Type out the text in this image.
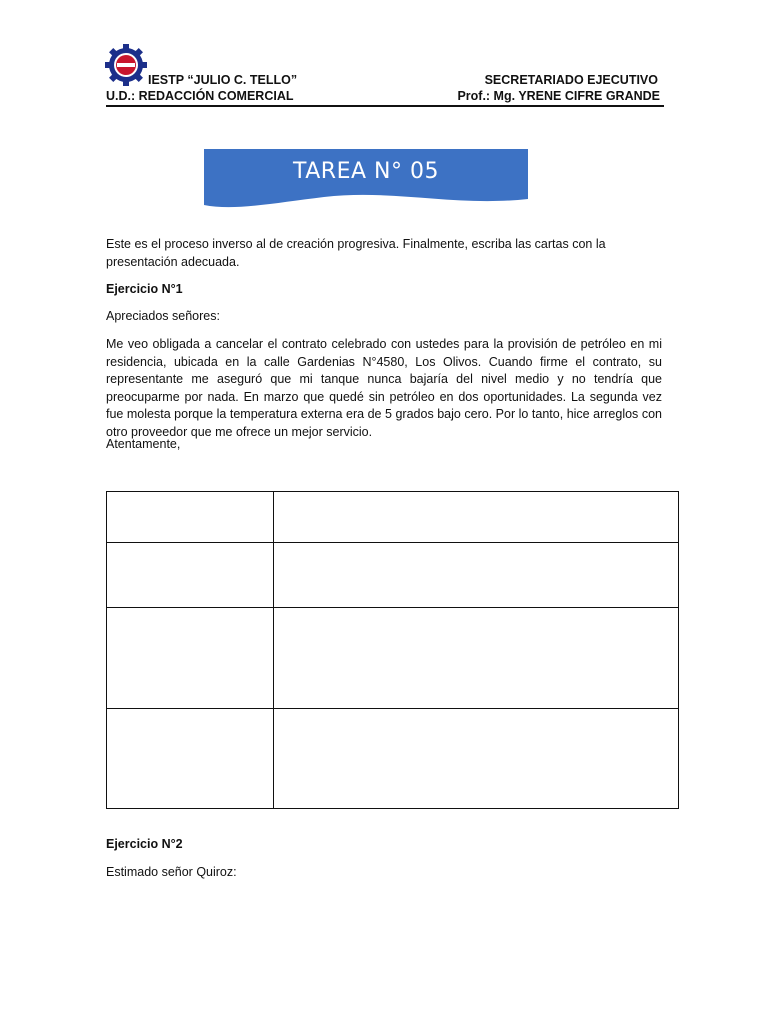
IESTP “JULIO C. TELLO”
U.D.: REDACCIÓN COMERCIAL
SECRETARIADO EJECUTIVO
Prof.: Mg. YRENE CIFRE GRANDE
TAREA N° 05
Este es el proceso inverso al de creación progresiva. Finalmente, escriba las cartas con la presentación adecuada.
Ejercicio N°1
Apreciados señores:
Me veo obligada a cancelar el contrato celebrado con ustedes para la provisión de petróleo en mi residencia, ubicada en la calle Gardenias N°4580, Los Olivos. Cuando firme el contrato, su representante me aseguró que mi tanque nunca bajaría del nivel medio y no tendría que preocuparme por nada. En marzo que quedé sin petróleo en dos oportunidades. La segunda vez fue molesta porque la temperatura externa era de 5 grados bajo cero. Por lo tanto, hice arreglos con otro proveedor que me ofrece un mejor servicio.
Atentamente,

Ejercicio N°2
Estimado señor Quiroz:
